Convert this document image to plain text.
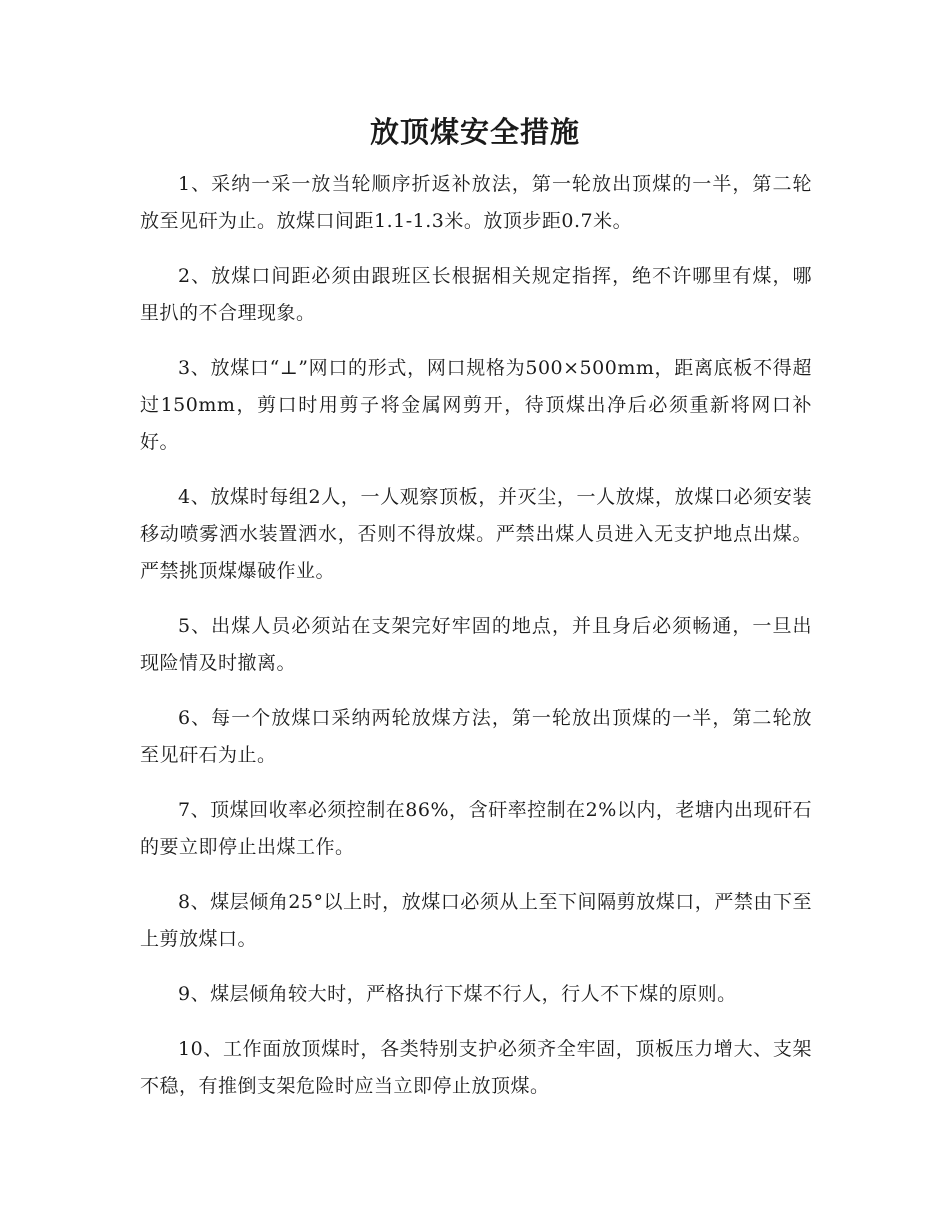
放顶煤安全措施

1、采纳一采一放当轮顺序折返补放法，第一轮放出顶煤的一半，第二轮放至见矸为止。放煤口间距1.1-1.3米。放顶步距0.7米。

2、放煤口间距必须由跟班区长根据相关规定指挥，绝不许哪里有煤，哪里扒的不合理现象。

3、放煤口“⊥”网口的形式，网口规格为500×500mm，距离底板不得超过150mm，剪口时用剪子将金属网剪开，待顶煤出净后必须重新将网口补好。

4、放煤时每组2人，一人观察顶板，并灭尘，一人放煤，放煤口必须安装移动喷雾洒水装置洒水，否则不得放煤。严禁出煤人员进入无支护地点出煤。严禁挑顶煤爆破作业。

5、出煤人员必须站在支架完好牢固的地点，并且身后必须畅通，一旦出现险情及时撤离。

6、每一个放煤口采纳两轮放煤方法，第一轮放出顶煤的一半，第二轮放至见矸石为止。

7、顶煤回收率必须控制在86%，含矸率控制在2%以内，老塘内出现矸石的要立即停止出煤工作。

8、煤层倾角25°以上时，放煤口必须从上至下间隔剪放煤口，严禁由下至上剪放煤口。

9、煤层倾角较大时，严格执行下煤不行人，行人不下煤的原则。

10、工作面放顶煤时，各类特别支护必须齐全牢固，顶板压力增大、支架不稳，有推倒支架危险时应当立即停止放顶煤。
